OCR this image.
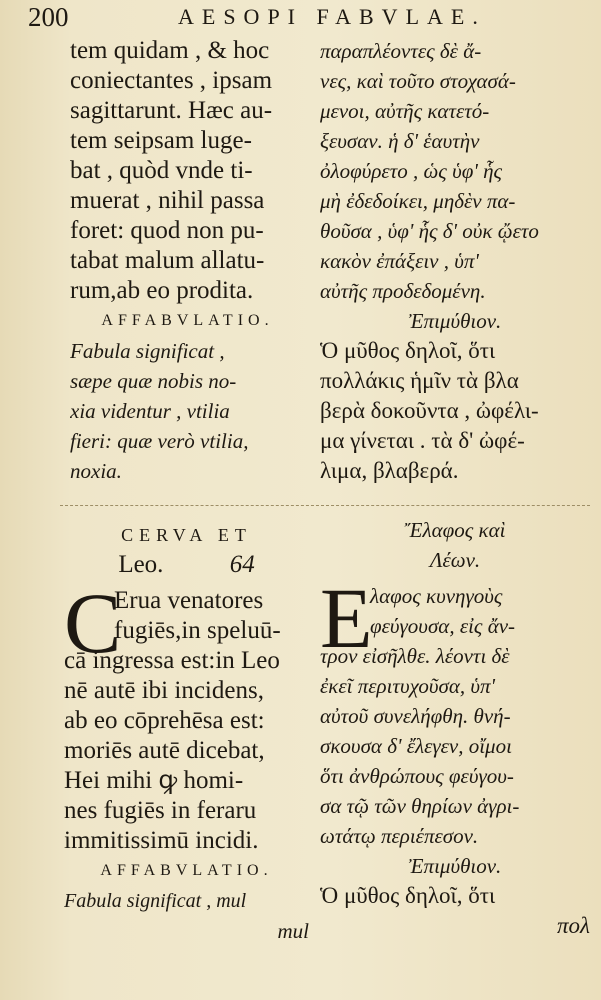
200	AESOPI FABVLAE.
tem quidam , & hoc
coniectantes , ipsam
sagittarunt. Hæc au-
tem seipsam luge-
bat , quòd vnde ti-
muerat , nihil passa
foret: quod non pu-
tabat malum allatu-
rum,ab eo prodita.
AFFABVLATIO.
Fabula significat ,
sæpe quæ nobis no-
xia videntur , vtilia
fieri: quæ verò vtilia,
noxia.
παραπλέοντες δὲ ἄ-
νες, καὶ τοῦτο στοχασά-
μενοι, αὐτῆς κατετό-
ξευσαν. ἡ δ' ἑαυτὴν
ὀλοφύρετο , ὡς ὑφ' ἧς
μὴ ἐδεδοίκει, μηδὲν πα-
θοῦσα , ὑφ' ἧς δ' οὐκ ᾤετο
κακὸν ἐπάξειν , ὑπ'
αὐτῆς προδεδομένη.
Ἐπιμύθιον.
Ὁ μῦθος δηλοῖ, ὅτι
πολλάκις ἡμῖν τὰ βλα
βερὰ δοκοῦντα , ὠφέλι-
μα γίνεται . τὰ δ' ὠφέ-
λιμα, βλαβερά.
CERVA ET
Leo.	64
C
Erua venatores
fugiēs,in speluū-
cā ingressa est:in Leo
nē autē ibi incidens,
ab eo cōprehēsa est:
moriēs autē dicebat,
Hei mihi ꝙ homi-
nes fugiēs in feraru
immitissimū incidi.
AFFABVLATIO.
Fabula significat , mul
mul
Ἔλαφος καὶ
Λέων.
E
λαφος κυνηγοὺς
φεύγουσα, εἰς ἄν-
τρον εἰσῆλθε. λέοντι δὲ
ἐκεῖ περιτυχοῦσα, ὑπ'
αὐτοῦ συνελήφθη. θνή-
σκουσα δ' ἔλεγεν, οἴμοι
ὅτι ἀνθρώπους φεύγου-
σα τῷ τῶν θηρίων ἀγρι-
ωτάτῳ περιέπεσον.
Ἐπιμύθιον.
Ὁ μῦθος δηλοῖ, ὅτι
πολ
